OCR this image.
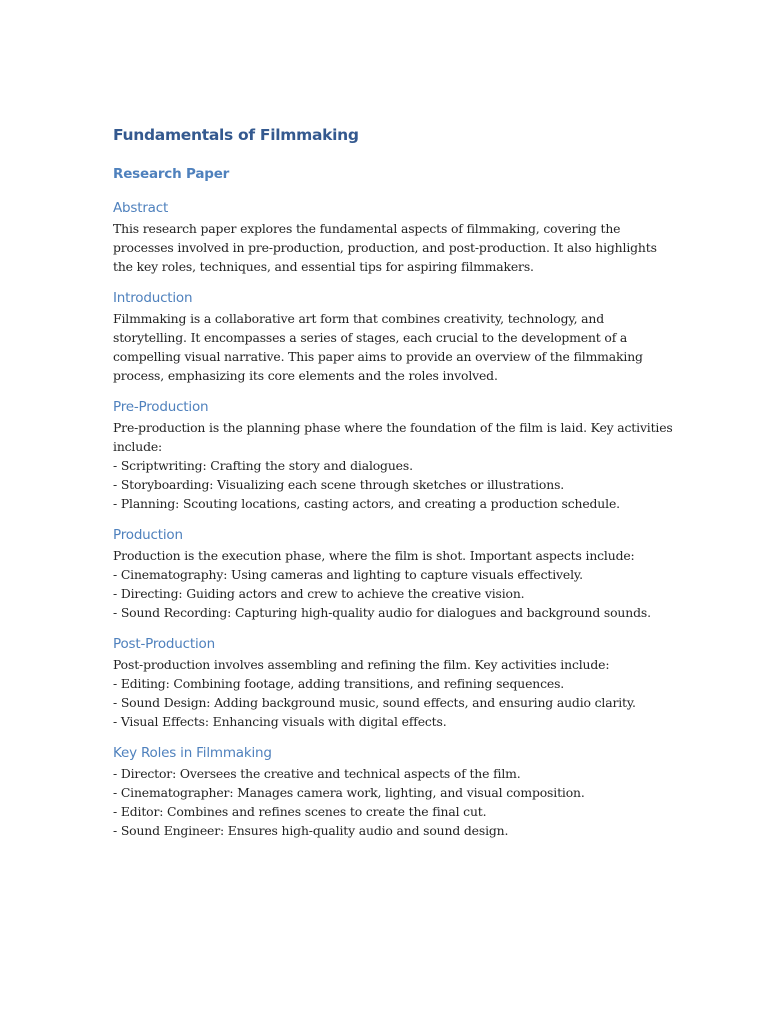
Fundamentals of Filmmaking
Research Paper
Abstract

This research paper explores the fundamental aspects of filmmaking, covering the

processes involved in pre-production, production, and post-production. It also highlights

the key roles, techniques, and essential tips for aspiring filmmakers.

Introduction

Filmmaking is a collaborative art form that combines creativity, technology, and

storytelling. It encompasses a series of stages, each crucial to the development of a

compelling visual narrative. This paper aims to provide an overview of the filmmaking

process, emphasizing its core elements and the roles involved.

Pre-Production

Pre-production is the planning phase where the foundation of the film is laid. Key activities

include:

- Scriptwriting: Crafting the story and dialogues.

- Storyboarding: Visualizing each scene through sketches or illustrations.

- Planning: Scouting locations, casting actors, and creating a production schedule.

Production

Production is the execution phase, where the film is shot. Important aspects include:

- Cinematography: Using cameras and lighting to capture visuals effectively.

- Directing: Guiding actors and crew to achieve the creative vision.

- Sound Recording: Capturing high-quality audio for dialogues and background sounds.

Post-Production

Post-production involves assembling and refining the film. Key activities include:

- Editing: Combining footage, adding transitions, and refining sequences.

- Sound Design: Adding background music, sound effects, and ensuring audio clarity.

- Visual Effects: Enhancing visuals with digital effects.

Key Roles in Filmmaking

- Director: Oversees the creative and technical aspects of the film.

- Cinematographer: Manages camera work, lighting, and visual composition.

- Editor: Combines and refines scenes to create the final cut.

- Sound Engineer: Ensures high-quality audio and sound design.
